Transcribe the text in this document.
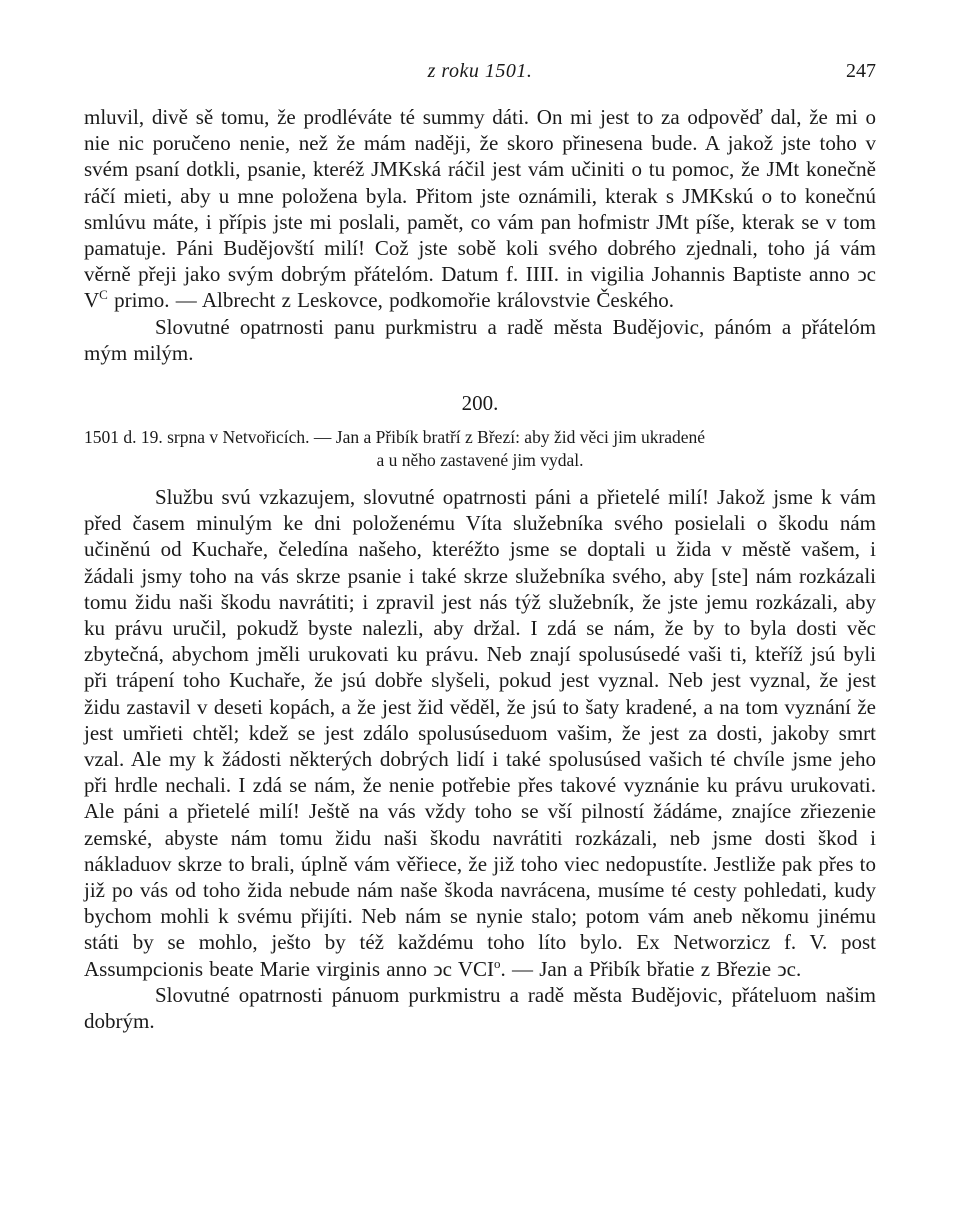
z roku 1501.	247

mluvil, divě sě tomu, že prodléváte té summy dáti. On mi jest to za odpověď dal, že mi o nie nic poručeno nenie, než že mám naději, že skoro přinesena bude. A jakož jste toho v svém psaní dotkli, psanie, kteréž JMKská ráčil jest vám učiniti o tu pomoc, že JMt konečně ráčí mieti, aby u mne položena byla. Přitom jste oznámili, kterak s JMKskú o to konečnú smlúvu máte, i přípis jste mi poslali, pamět, co vám pan hofmistr JMt píše, kterak se v tom pamatuje. Páni Budějovští milí! Což jste sobě koli svého dobrého zjednali, toho já vám věrně přeji jako svým dobrým přátelóm. Datum f. IIII. in vigilia Johannis Baptiste anno ͻc $V^C$ primo. — Albrecht z Leskovce, podkomořie královstvie Českého.

Slovutné opatrnosti panu purkmistru a radě města Budějovic, pánóm a přátelóm mým milým.

200.
1501 d. 19. srpna v Netvořicích. — Jan a Přibík bratří z Březí: aby žid věci jim ukradené
a u něho zastavené jim vydal.

Službu svú vzkazujem, slovutné opatrnosti páni a přietelé milí! Jakož jsme k vám před časem minulým ke dni položenému Víta služebníka svého posielali o škodu nám učiněnú od Kuchaře, čeledína našeho, kteréžto jsme se doptali u žida v městě vašem, i žádali jsmy toho na vás skrze psanie i také skrze služebníka svého, aby [ste] nám rozkázali tomu židu naši škodu navrátiti; i zpravil jest nás týž služebník, že jste jemu rozkázali, aby ku právu uručil, pokudž byste nalezli, aby držal. I zdá se nám, že by to byla dosti věc zbytečná, abychom jměli urukovati ku právu. Neb znají spolusúsedé vaši ti, kteříž jsú byli při trápení toho Kuchaře, že jsú dobře slyšeli, pokud jest vyznal. Neb jest vyznal, že jest židu zastavil v deseti kopách, a že jest žid věděl, že jsú to šaty kradené, a na tom vyznání že jest umřieti chtěl; kdež se jest zdálo spolusúseduom vašim, že jest za dosti, jakoby smrt vzal. Ale my k žádosti některých dobrých lidí i také spolusúsed vašich té chvíle jsme jeho při hrdle nechali. I zdá se nám, že nenie potřebie přes takové vyznánie ku právu urukovati. Ale páni a přietelé milí! Ještě na vás vždy toho se vší pilností žádáme, znajíce zřiezenie zemské, abyste nám tomu židu naši škodu navrátiti rozkázali, neb jsme dosti škod i nákladuov skrze to brali, úplně vám věřiece, že již toho viec nedopustíte. Jestližе pak přes to již po vás od toho žida nebude nám naše škoda navrácena, musíme té cesty pohledati, kudy bychom mohli k svému přijíti. Neb nám se nynie stalo; potom vám aneb někomu jinému státi by se mohlo, ješto by též každému toho líto bylo. Ex Networzicz f. V. post Assumpcionis beate Marie virginis anno ͻc VCI$^o$. — Jan a Přibík břatie z Březie ͻc.

Slovutné opatrnosti pánuom purkmistru a radě města Budějovic, přáteluom našim dobrým.
